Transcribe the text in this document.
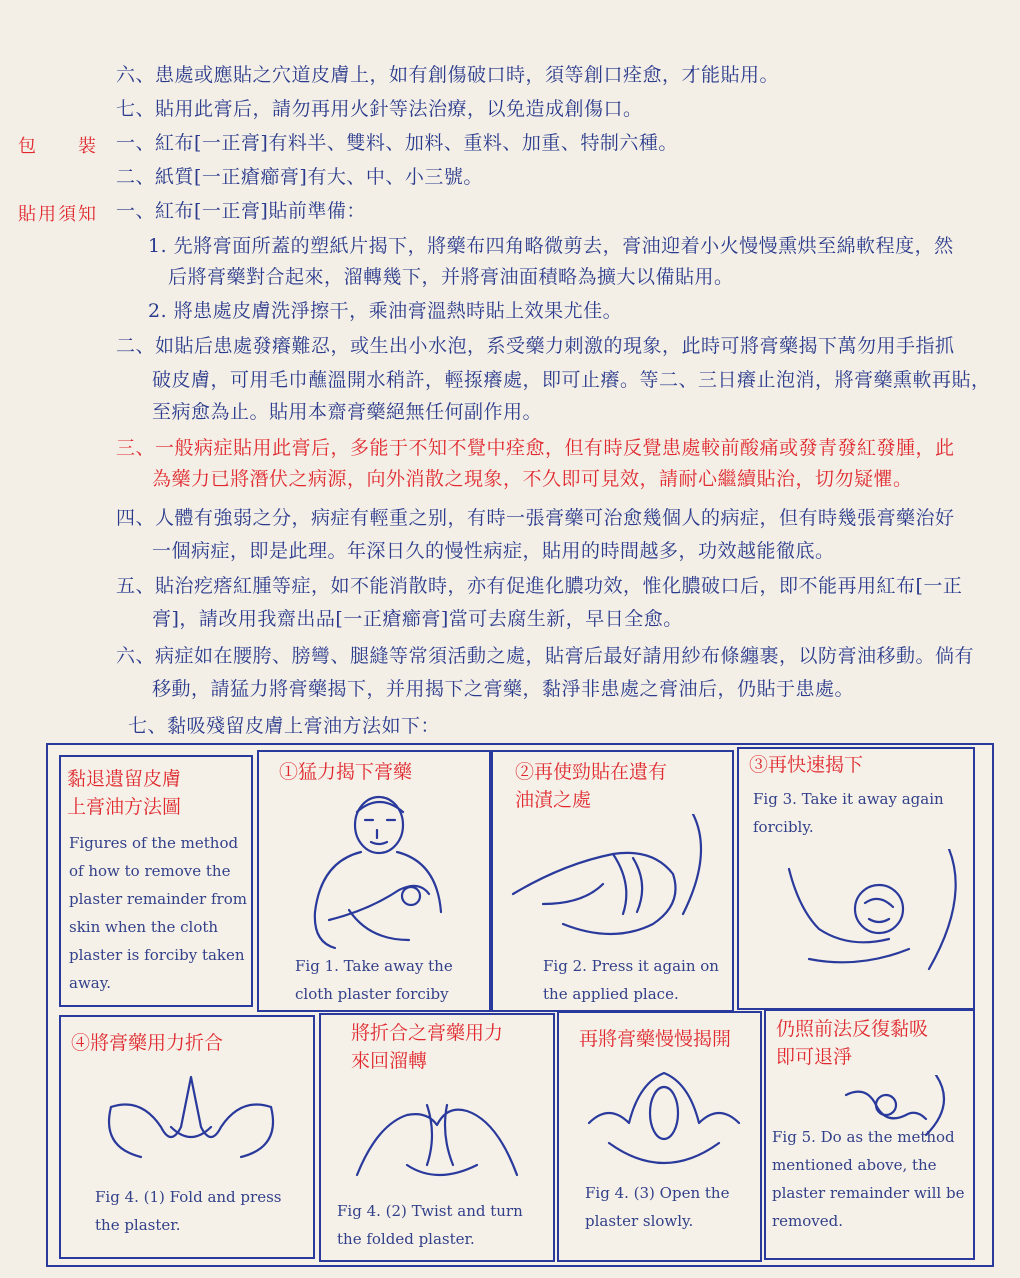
包　　裝
貼用須知
六、患處或應貼之穴道皮膚上，如有創傷破口時，須等創口痊愈，才能貼用。
七、貼用此膏后，請勿再用火針等法治療，以免造成創傷口。
一、紅布[一正膏]有料半、雙料、加料、重料、加重、特制六種。
二、紙質[一正瘡癤膏]有大、中、小三號。
一、紅布[一正膏]貼前準備：
1. 先將膏面所蓋的塑紙片揭下，將藥布四角略微剪去，膏油迎着小火慢慢熏烘至綿軟程度，然
后將膏藥對合起來，溜轉幾下，并將膏油面積略為擴大以備貼用。
2. 將患處皮膚洗淨擦干，乘油膏溫熱時貼上效果尤佳。
二、如貼后患處發癢難忍，或生出小水泡，系受藥力刺激的現象，此時可將膏藥揭下萬勿用手指抓
破皮膚，可用毛巾蘸溫開水稍許，輕揼癢處，即可止癢。等二、三日癢止泡消，將膏藥熏軟再貼，
至病愈為止。貼用本齋膏藥絕無任何副作用。
三、一般病症貼用此膏后，多能于不知不覺中痊愈，但有時反覺患處較前酸痛或發青發紅發腫，此
為藥力已將潛伏之病源，向外消散之現象，不久即可見效，請耐心繼續貼治，切勿疑懼。
四、人體有強弱之分，病症有輕重之别，有時一張膏藥可治愈幾個人的病症，但有時幾張膏藥治好
一個病症，即是此理。年深日久的慢性病症，貼用的時間越多，功效越能徹底。
五、貼治疙瘩紅腫等症，如不能消散時，亦有促進化膿功效，惟化膿破口后，即不能再用紅布[一正
膏]，請改用我齋出品[一正瘡癤膏]當可去腐生新，早日全愈。
六、病症如在腰胯、膀彎、腿縫等常須活動之處，貼膏后最好請用紗布條纏裹，以防膏油移動。倘有
移動，請猛力將膏藥揭下，并用揭下之膏藥，黏淨非患處之膏油后，仍貼于患處。
七、黏吸殘留皮膚上膏油方法如下：
黏退遺留皮膚
上膏油方法圖
Figures of the method of how to remove the plaster remainder from skin when the cloth plaster is forciby taken away.
①猛力揭下膏藥
Fig 1. Take away the cloth plaster forciby
②再使勁貼在遺有
油漬之處
Fig 2. Press it again on the applied place.
③再快速揭下
Fig 3. Take it away again forcibly.
④將膏藥用力折合
Fig 4. (1) Fold and press the plaster.
將折合之膏藥用力
來回溜轉
Fig 4. (2) Twist and turn the folded plaster.
再將膏藥慢慢揭開
Fig 4. (3) Open the plaster slowly.
仍照前法反復黏吸
即可退淨
Fig 5. Do as the method mentioned above, the plaster remainder will be removed.
